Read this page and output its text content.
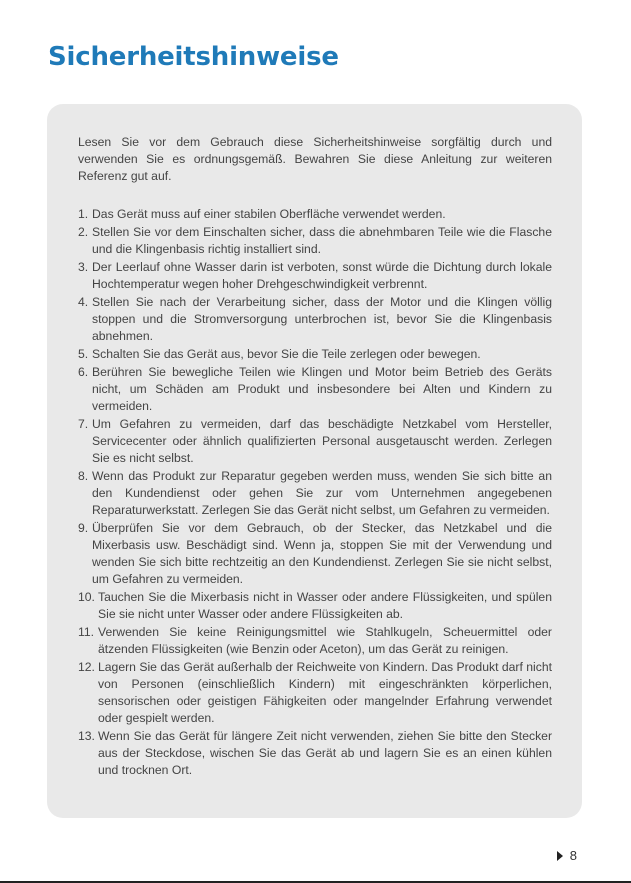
Sicherheitshinweise

Lesen Sie vor dem Gebrauch diese Sicherheitshinweise sorgfältig durch und verwenden Sie es ordnungsgemäß. Bewahren Sie diese Anleitung zur weiteren Referenz gut auf.

1. Das Gerät muss auf einer stabilen Oberfläche verwendet werden.
2. Stellen Sie vor dem Einschalten sicher, dass die abnehmbaren Teile wie die Flasche und die Klingenbasis richtig installiert sind.
3. Der Leerlauf ohne Wasser darin ist verboten, sonst würde die Dichtung durch lokale Hochtemperatur wegen hoher Drehgeschwindigkeit verbrennt.
4. Stellen Sie nach der Verarbeitung sicher, dass der Motor und die Klingen völlig stoppen und die Stromversorgung unterbrochen ist, bevor Sie die Klingenbasis abnehmen.
5. Schalten Sie das Gerät aus, bevor Sie die Teile zerlegen oder bewegen.
6. Berühren Sie bewegliche Teilen wie Klingen und Motor beim Betrieb des Geräts nicht, um Schäden am Produkt und insbesondere bei Alten und Kindern zu vermeiden.
7. Um Gefahren zu vermeiden, darf das beschädigte Netzkabel vom Hersteller, Servicecenter oder ähnlich qualifizierten Personal ausgetauscht werden. Zerlegen Sie es nicht selbst.
8. Wenn das Produkt zur Reparatur gegeben werden muss, wenden Sie sich bitte an den Kundendienst oder gehen Sie zur vom Unternehmen angegebenen Reparaturwerkstatt. Zerlegen Sie das Gerät nicht selbst, um Gefahren zu vermeiden.
9. Überprüfen Sie vor dem Gebrauch, ob der Stecker, das Netzkabel und die Mixerbasis usw. Beschädigt sind. Wenn ja, stoppen Sie mit der Verwendung und wenden Sie sich bitte rechtzeitig an den Kundendienst. Zerlegen Sie sie nicht selbst, um Gefahren zu vermeiden.
10. Tauchen Sie die Mixerbasis nicht in Wasser oder andere Flüssigkeiten, und spülen Sie sie nicht unter Wasser oder andere Flüssigkeiten ab.
11. Verwenden Sie keine Reinigungsmittel wie Stahlkugeln, Scheuermittel oder ätzenden Flüssigkeiten (wie Benzin oder Aceton), um das Gerät zu reinigen.
12. Lagern Sie das Gerät außerhalb der Reichweite von Kindern. Das Produkt darf nicht von Personen (einschließlich Kindern) mit eingeschränkten körperlichen, sensorischen oder geistigen Fähigkeiten oder mangelnder Erfahrung verwendet oder gespielt werden.
13. Wenn Sie das Gerät für längere Zeit nicht verwenden, ziehen Sie bitte den Stecker aus der Steckdose, wischen Sie das Gerät ab und lagern Sie es an einen kühlen und trocknen Ort.
8
